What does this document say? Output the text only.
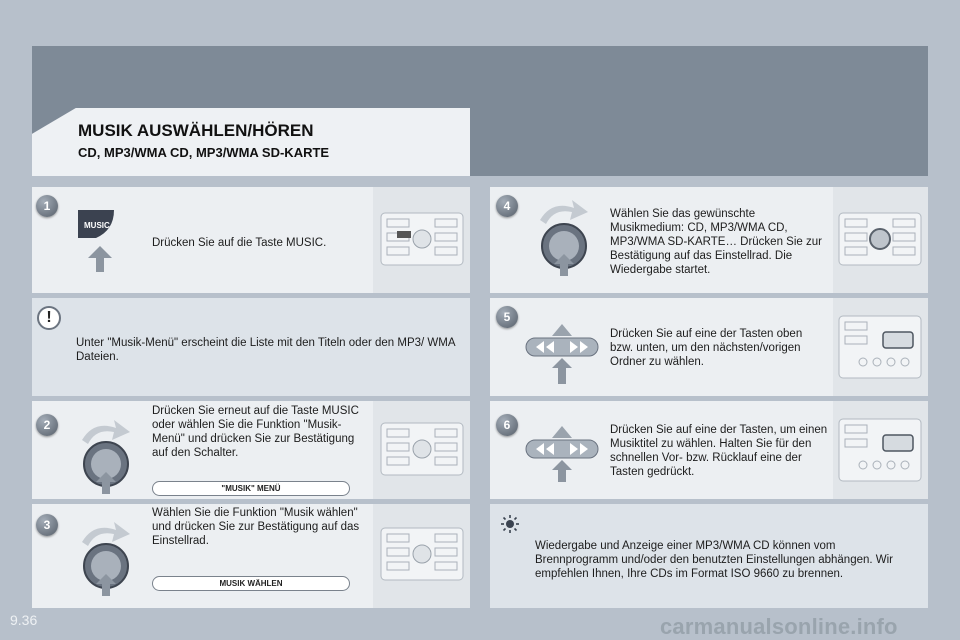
MUSIK AUSWÄHLEN/HÖREN
CD, MP3/WMA CD, MP3/WMA SD-KARTE
1
MUSIC
Drücken Sie auf die Taste MUSIC.
!
Unter "Musik-Menü" erscheint die Liste mit den Titeln oder den MP3/ WMA Dateien.
2
Drücken Sie erneut auf die Taste MUSIC oder wählen Sie die Funktion "Musik-Menü" und drücken Sie zur Bestätigung auf den Schalter.
"MUSIK" MENÜ
3
Wählen Sie die Funktion "Musik wählen" und drücken Sie zur Bestätigung auf das Einstellrad.
MUSIK WÄHLEN
4
Wählen Sie das gewünschte Musikmedium: CD, MP3/WMA CD, MP3/WMA SD-KARTE… Drücken Sie zur Bestätigung auf das Einstellrad. Die Wiedergabe startet.
5
Drücken Sie auf eine der Tasten oben bzw. unten, um den nächsten/vorigen Ordner zu wählen.
6	Drücken Sie auf eine der Tasten, um einen Musiktitel zu wählen. Halten Sie für den schnellen Vor- bzw. Rücklauf eine der Tasten gedrückt.
Wiedergabe und Anzeige einer MP3/WMA CD können vom Brennprogramm und/oder den benutzten Einstellungen abhängen. Wir empfehlen Ihnen, Ihre CDs im Format ISO 9660 zu brennen.
9.36	carmanualsonline.info
